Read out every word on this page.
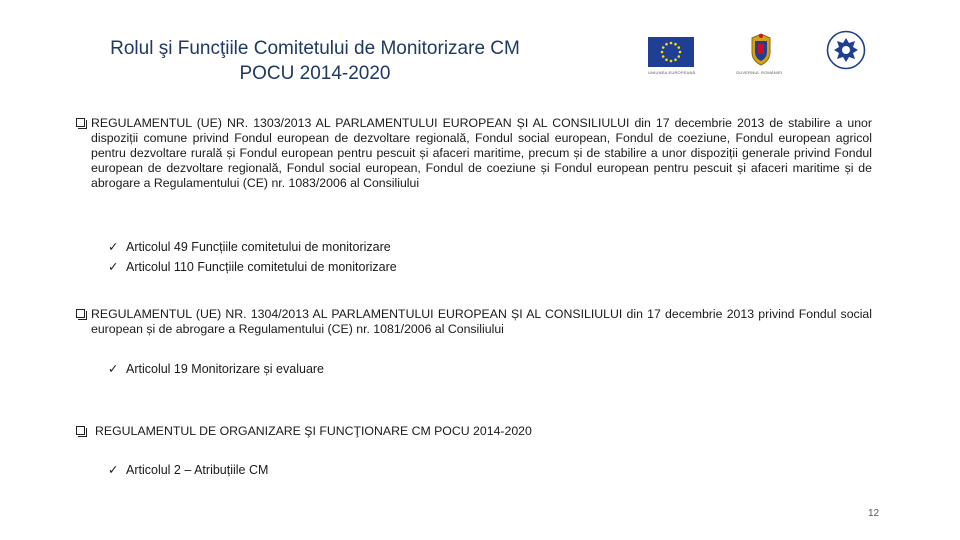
Rolul şi Funcţiile Comitetului de Monitorizare CM
POCU 2014-2020	UNIUNEA EUROPEANĂ	GUVERNUL ROMÂNIEI
REGULAMENTUL (UE) NR. 1303/2013 AL PARLAMENTULUI EUROPEAN ȘI AL CONSILIULUI din 17 decembrie 2013 de stabilire a unor dispoziții comune privind Fondul european de dezvoltare regională, Fondul social european, Fondul de coeziune, Fondul european agricol pentru dezvoltare rurală și Fondul european pentru pescuit și afaceri maritime, precum și de stabilire a unor dispoziții generale privind Fondul european de dezvoltare regională, Fondul social european, Fondul de coeziune și Fondul european pentru pescuit și afaceri maritime și de abrogare a Regulamentului (CE) nr. 1083/2006 al Consiliului
✓ Articolul 49 Funcțiile comitetului de monitorizare
✓ Articolul 110 Funcțiile comitetului de monitorizare
REGULAMENTUL (UE) NR. 1304/2013 AL PARLAMENTULUI EUROPEAN ȘI AL CONSILIULUI din 17 decembrie 2013 privind Fondul social european și de abrogare a Regulamentului (CE) nr. 1081/2006 al Consiliului
✓ Articolul 19 Monitorizare și evaluare
REGULAMENTUL DE ORGANIZARE ŞI FUNCŢIONARE CM POCU 2014-2020
✓ Articolul 2 – Atribuțiile CM
12
